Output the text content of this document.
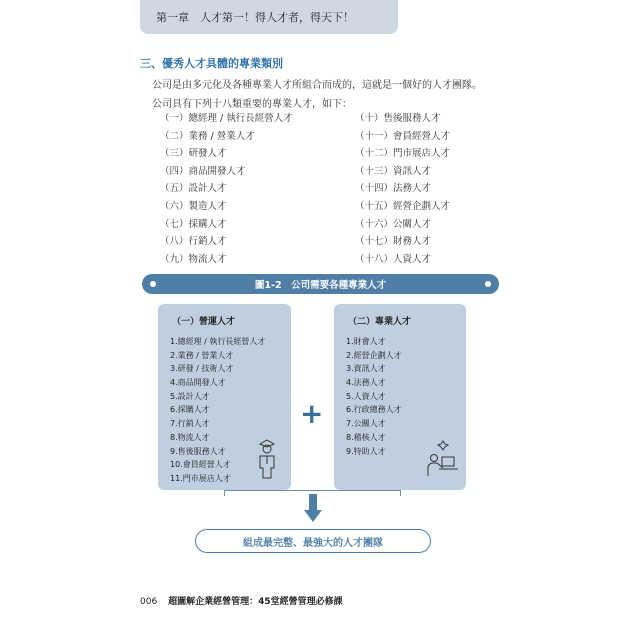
第一章　人才第一！得人才者，得天下！
三、優秀人才具體的專業類別
公司是由多元化及各種專業人才所組合而成的，這就是一個好的人才團隊。
公司具有下列十八類重要的專業人才，如下：
（一）總經理 / 執行長經營人才
（二）業務 / 營業人才
（三）研發人才
（四）商品開發人才
（五）設計人才
（六）製造人才
（七）採購人才
（八）行銷人才
（九）物流人才
（十）售後服務人才
（十一）會員經營人才
（十二）門市展店人才
（十三）資訊人才
（十四）法務人才
（十五）經營企劃人才
（十六）公關人才
（十七）財務人才
（十八）人資人才
圖1-2　公司需要各種專業人才
（一）營運人才
1.總經理 / 執行長經營人才
2.業務 / 營業人才
3.研發 / 技術人才
4.商品開發人才
5.設計人才
6.採購人才
7.行銷人才
8.物流人才
9.售後服務人才
10.會員經營人才
11.門市展店人才
+
（二）專業人才
1.財會人才
2.經營企劃人才
3.資訊人才
4.法務人才
5.人資人才
6.行政總務人才
7.公關人才
8.稽核人才
9.特助人才
組成最完整、最強大的人才團隊
006 超圖解企業經營管理：45堂經營管理必修課
